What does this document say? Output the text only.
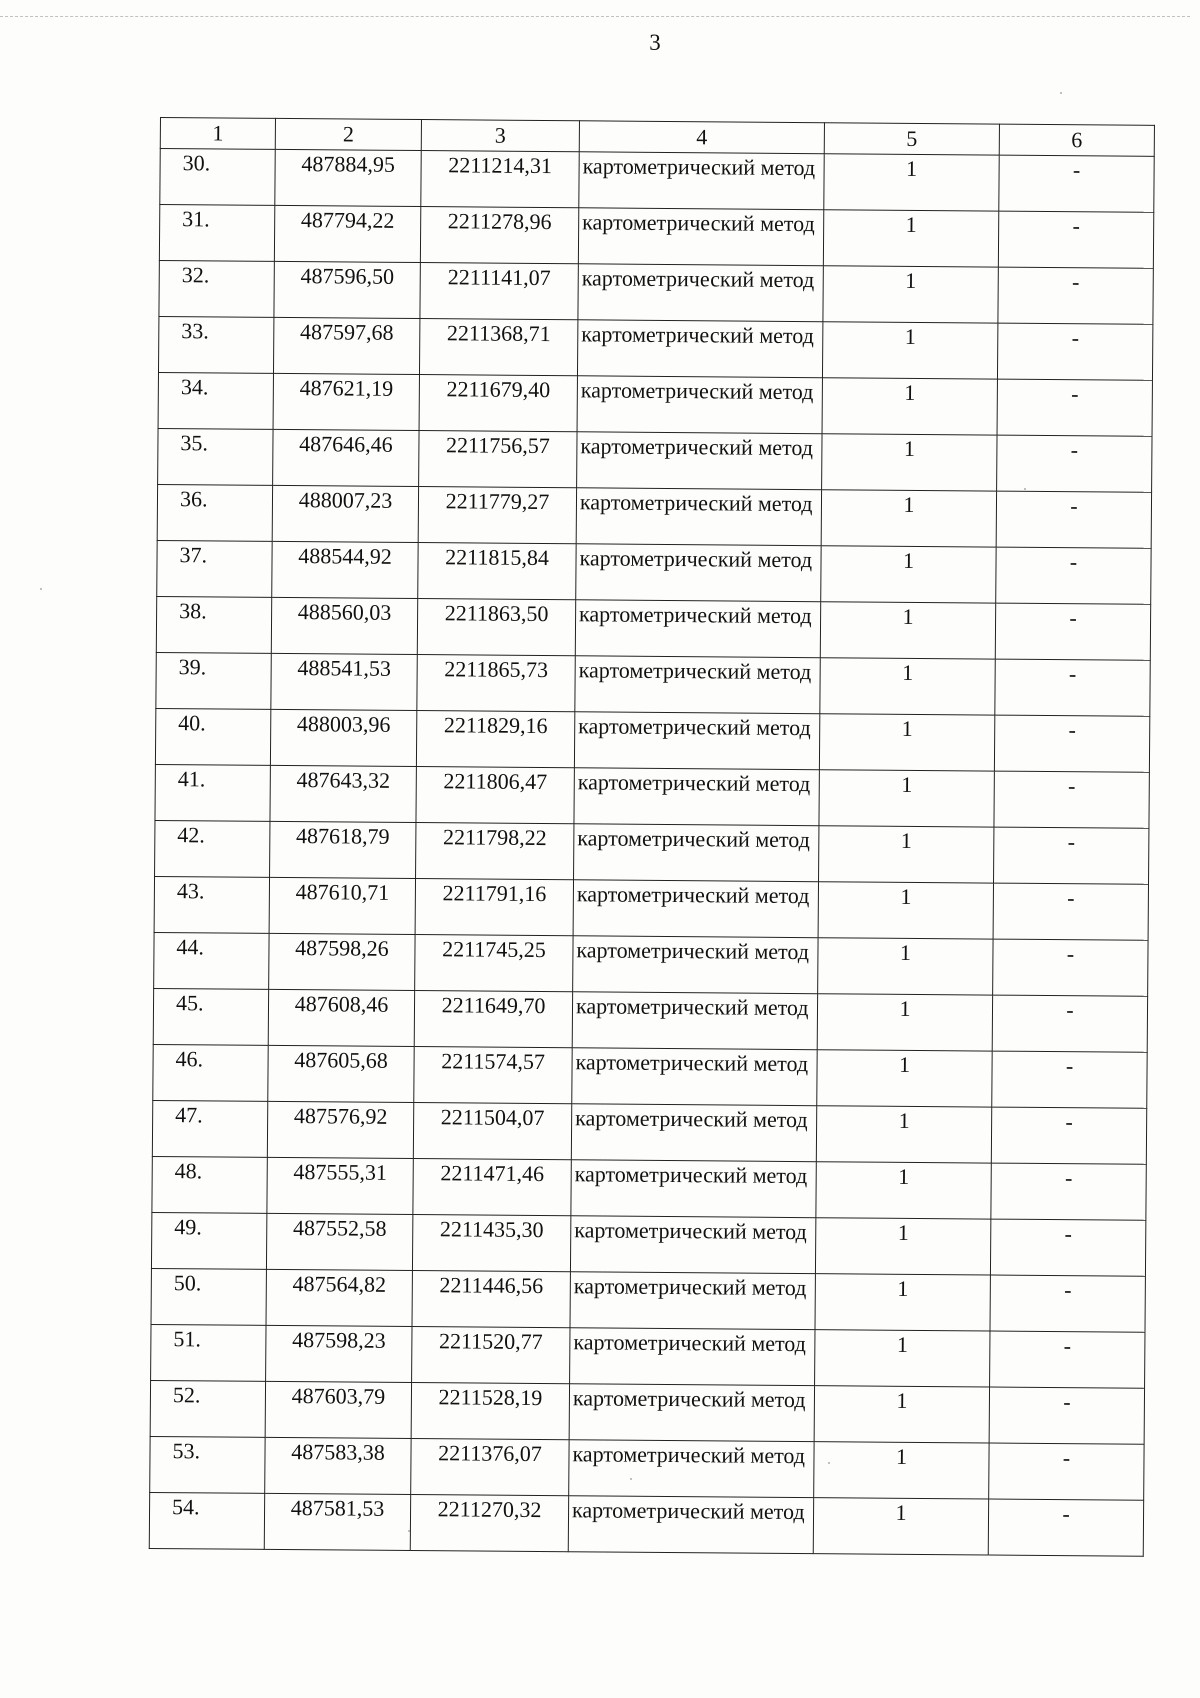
3
1	2	3	4	5	6
30.	487884,95	2211214,31	картометрический метод	1	-
31.	487794,22	2211278,96	картометрический метод	1	-
32.	487596,50	2211141,07	картометрический метод	1	-
33.	487597,68	2211368,71	картометрический метод	1	-
34.	487621,19	2211679,40	картометрический метод	1	-
35.	487646,46	2211756,57	картометрический метод	1	-
36.	488007,23	2211779,27	картометрический метод	1	-
37.	488544,92	2211815,84	картометрический метод	1	-
38.	488560,03	2211863,50	картометрический метод	1	-
39.	488541,53	2211865,73	картометрический метод	1	-
40.	488003,96	2211829,16	картометрический метод	1	-
41.	487643,32	2211806,47	картометрический метод	1	-
42.	487618,79	2211798,22	картометрический метод	1	-
43.	487610,71	2211791,16	картометрический метод	1	-
44.	487598,26	2211745,25	картометрический метод	1	-
45.	487608,46	2211649,70	картометрический метод	1	-
46.	487605,68	2211574,57	картометрический метод	1	-
47.	487576,92	2211504,07	картометрический метод	1	-
48.	487555,31	2211471,46	картометрический метод	1	-
49.	487552,58	2211435,30	картометрический метод	1	-
50.	487564,82	2211446,56	картометрический метод	1	-
51.	487598,23	2211520,77	картометрический метод	1	-
52.	487603,79	2211528,19	картометрический метод	1	-
53.	487583,38	2211376,07	картометрический метод	1	-
54.	487581,53	2211270,32	картометрический метод	1	-
